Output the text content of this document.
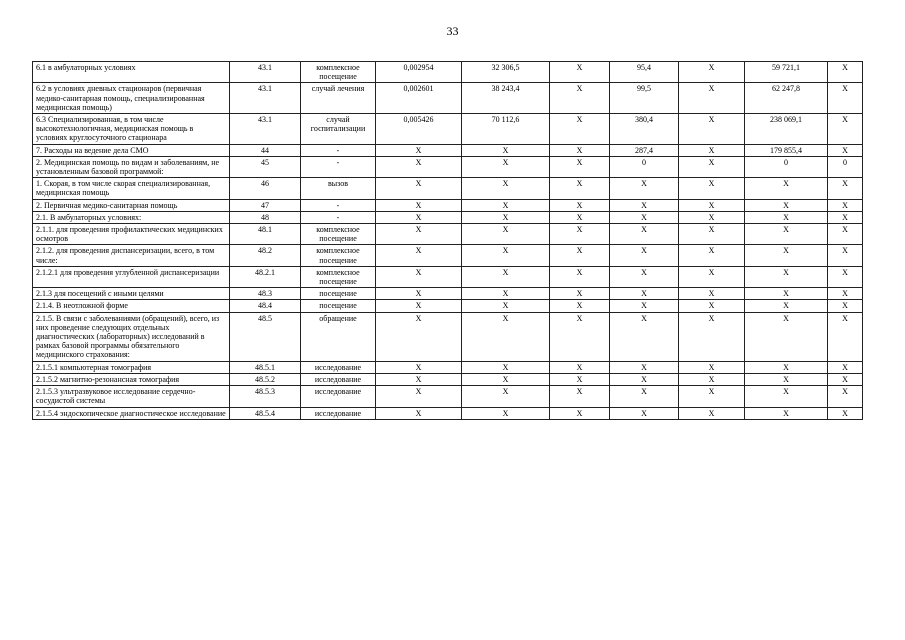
33
6.1 в амбулаторных условиях	43.1	комплексное посещение	0,002954	32 306,5	Х	95,4	Х	59 721,1	Х
6.2 в условиях дневных стационаров (первичная медико-санитарная помощь, специализированная медицинская помощь)	43.1	случай лечения	0,002601	38 243,4	Х	99,5	Х	62 247,8	Х
6.3 Специализированная, в том числе высокотехнологичная, медицинская помощь в условиях круглосуточного стационара	43.1	случай госпитализации	0,005426	70 112,6	Х	380,4	Х	238 069,1	Х
7. Расходы на ведение дела СМО	44	-	Х	Х	Х	287,4	Х	179 855,4	Х
2. Медицинская помощь по видам и заболеваниям, не установленным базовой программой:	45	-	Х	Х	Х	0	Х	0	0
1. Скорая, в том числе скорая специализированная, медицинская помощь	46	вызов	Х	Х	Х	Х	Х	Х	Х
2. Первичная медико-санитарная помощь	47	-	Х	Х	Х	Х	Х	Х	Х
2.1. В амбулаторных условиях:	48	-	Х	Х	Х	Х	Х	Х	Х
2.1.1. для проведения профилактических медицинских осмотров	48.1	комплексное посещение	Х	Х	Х	Х	Х	Х	Х
2.1.2. для проведения диспансеризации, всего, в том числе:	48.2	комплексное посещение	Х	Х	Х	Х	Х	Х	Х
2.1.2.1 для проведения углубленной диспансеризации	48.2.1	комплексное посещение	Х	Х	Х	Х	Х	Х	Х
2.1.3 для посещений с иными целями	48.3	посещение	Х	Х	Х	Х	Х	Х	Х
2.1.4. В неотложной форме	48.4	посещение	Х	Х	Х	Х	Х	Х	Х
2.1.5. В связи с заболеваниями (обращений), всего, из них проведение следующих отдельных диагностических (лабораторных) исследований в рамках базовой программы обязательного медицинского страхования:	48.5	обращение	Х	Х	Х	Х	Х	Х	Х
2.1.5.1 компьютерная томография	48.5.1	исследование	Х	Х	Х	Х	Х	Х	Х
2.1.5.2 магнитно-резонансная томография	48.5.2	исследование	Х	Х	Х	Х	Х	Х	Х
2.1.5.3 ультразвуковое исследование сердечно-сосудистой системы	48.5.3	исследование	Х	Х	Х	Х	Х	Х	Х
2.1.5.4 эндоскопическое диагностическое исследование	48.5.4	исследование	Х	Х	Х	Х	Х	Х	Х
